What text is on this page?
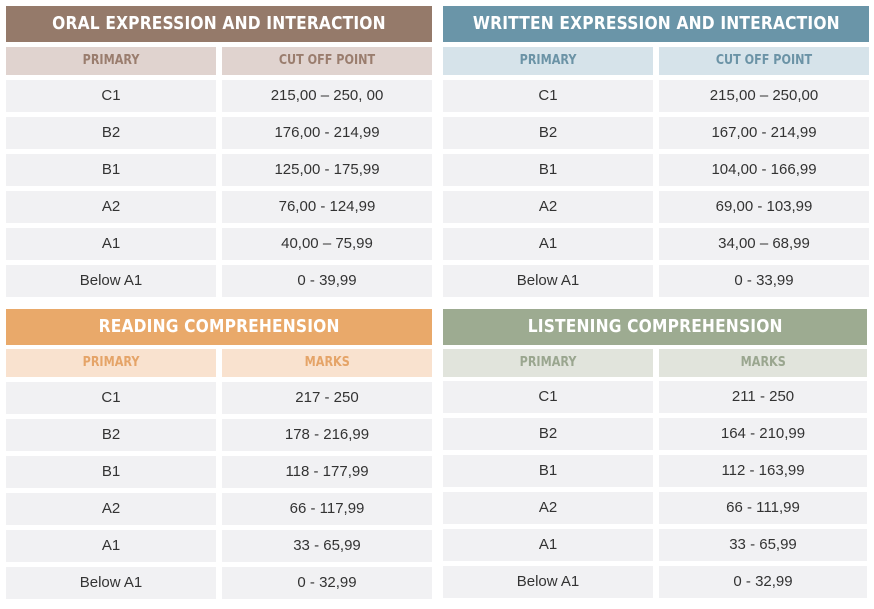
ORAL EXPRESSION AND INTERACTION
PRIMARY	CUT OFF POINT
C1	215,00 – 250, 00
B2	176,00 - 214,99
B1	125,00 - 175,99
A2	76,00 - 124,99
A1	40,00 – 75,99
Below A1	0 - 39,99
WRITTEN EXPRESSION AND INTERACTION
PRIMARY	CUT OFF POINT
C1	215,00 – 250,00
B2	167,00 - 214,99
B1	104,00 - 166,99
A2	69,00 - 103,99
A1	34,00 – 68,99
Below A1	0 - 33,99
READING COMPREHENSION
PRIMARY	MARKS
C1	217 - 250
B2	178 - 216,99
B1	118 - 177,99
A2	66 - 117,99
A1	33 - 65,99
Below A1	0 - 32,99
LISTENING COMPREHENSION
PRIMARY	MARKS
C1	211 - 250
B2	164 - 210,99
B1	112 - 163,99
A2	66 - 111,99
A1	33 - 65,99
Below A1	0 - 32,99
